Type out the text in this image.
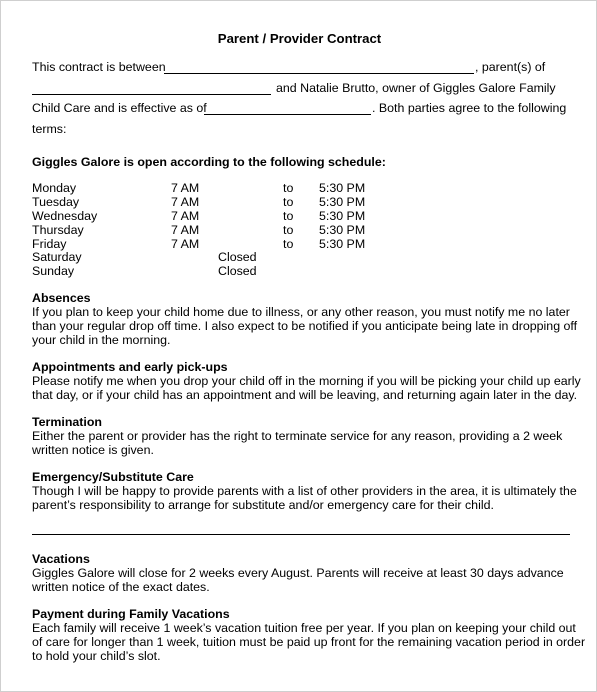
Parent / Provider Contract
This contract is between	, parent(s) of
and Natalie Brutto, owner of Giggles Galore Family
Child Care and is effective as of	. Both parties agree to the following
terms:
Giggles Galore is open according to the following schedule:
Monday	7 AM	to 5:30 PM
Tuesday	7 AM	to 5:30 PM
Wednesday	7 AM	to 5:30 PM
Thursday	7 AM	to 5:30 PM
Friday	7 AM	to 5:30 PM
Saturday	Closed
Sunday	Closed
Absences
If you plan to keep your child home due to illness, or any other reason, you must notify me no later
than your regular drop off time. I also expect to be notified if you anticipate being late in dropping off
your child in the morning.
Appointments and early pick-ups
Please notify me when you drop your child off in the morning if you will be picking your child up early
that day, or if your child has an appointment and will be leaving, and returning again later in the day.
Termination
Either the parent or provider has the right to terminate service for any reason, providing a 2 week
written notice is given.
Emergency/Substitute Care
Though I will be happy to provide parents with a list of other providers in the area, it is ultimately the
parent’s responsibility to arrange for substitute and/or emergency care for their child.
Vacations
Giggles Galore will close for 2 weeks every August. Parents will receive at least 30 days advance
written notice of the exact dates.
Payment during Family Vacations
Each family will receive 1 week’s vacation tuition free per year. If you plan on keeping your child out
of care for longer than 1 week, tuition must be paid up front for the remaining vacation period in order
to hold your child’s slot.
